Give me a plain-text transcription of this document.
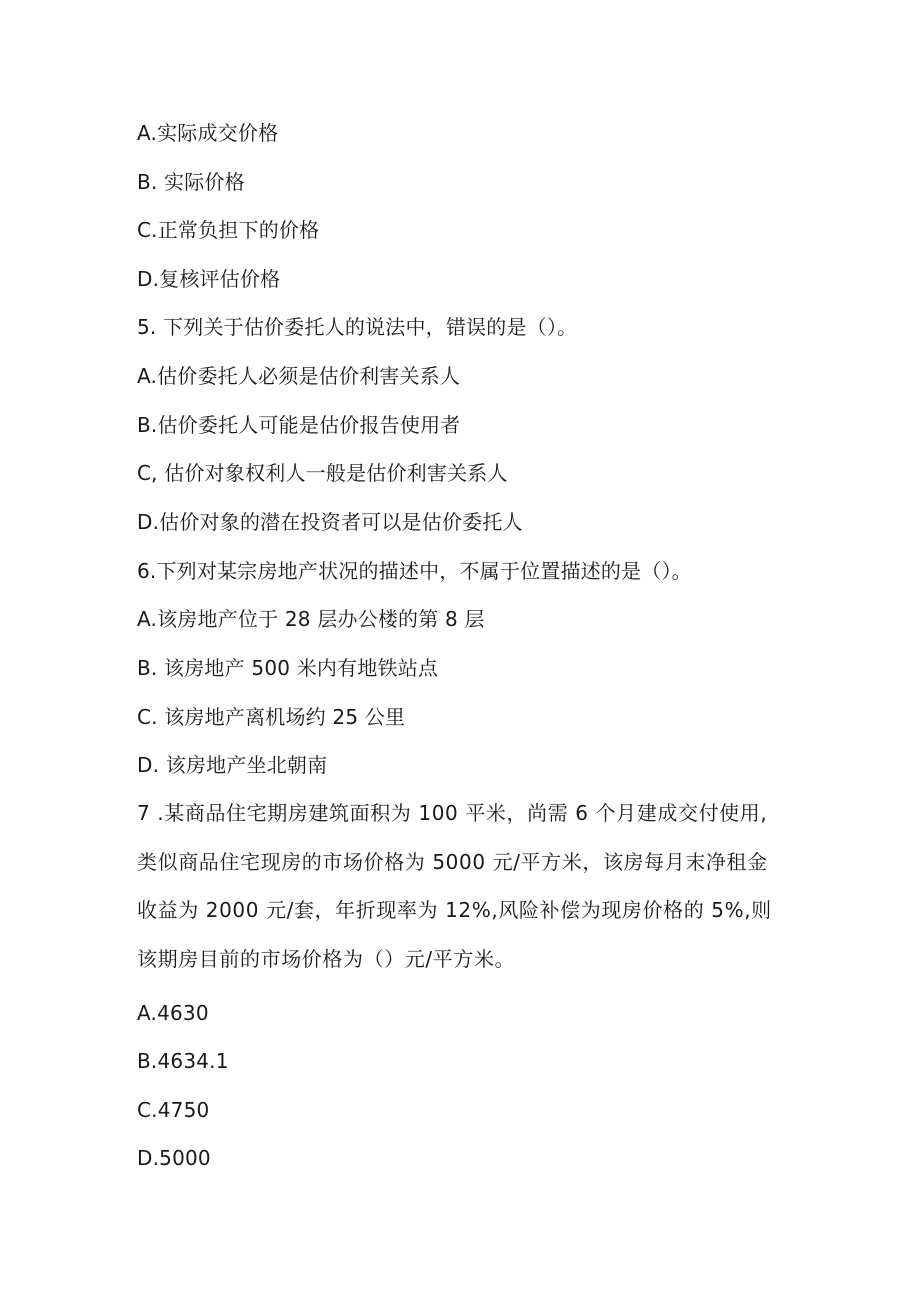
A.实际成交价格
B. 实际价格
C.正常负担下的价格
D.复核评估价格
5. 下列关于估价委托人的说法中，错误的是（）。
A.估价委托人必须是估价利害关系人
B.估价委托人可能是估价报告使用者
C, 估价对象权利人一般是估价利害关系人
D.估价对象的潜在投资者可以是估价委托人
6.下列对某宗房地产状况的描述中，不属于位置描述的是（）。
A.该房地产位于 28 层办公楼的第 8 层
B. 该房地产 500 米内有地铁站点
C. 该房地产离机场约 25 公里
D. 该房地产坐北朝南
7 .某商品住宅期房建筑面积为 100 平米，尚需 6 个月建成交付使用, 类似商品住宅现房的市场价格为 5000 元/平方米，该房每月末净租金收益为 2000 元/套，年折现率为 12%,风险补偿为现房价格的 5%,则该期房目前的市场价格为（）元/平方米。
A.4630
B.4634.1
C.4750
D.5000
